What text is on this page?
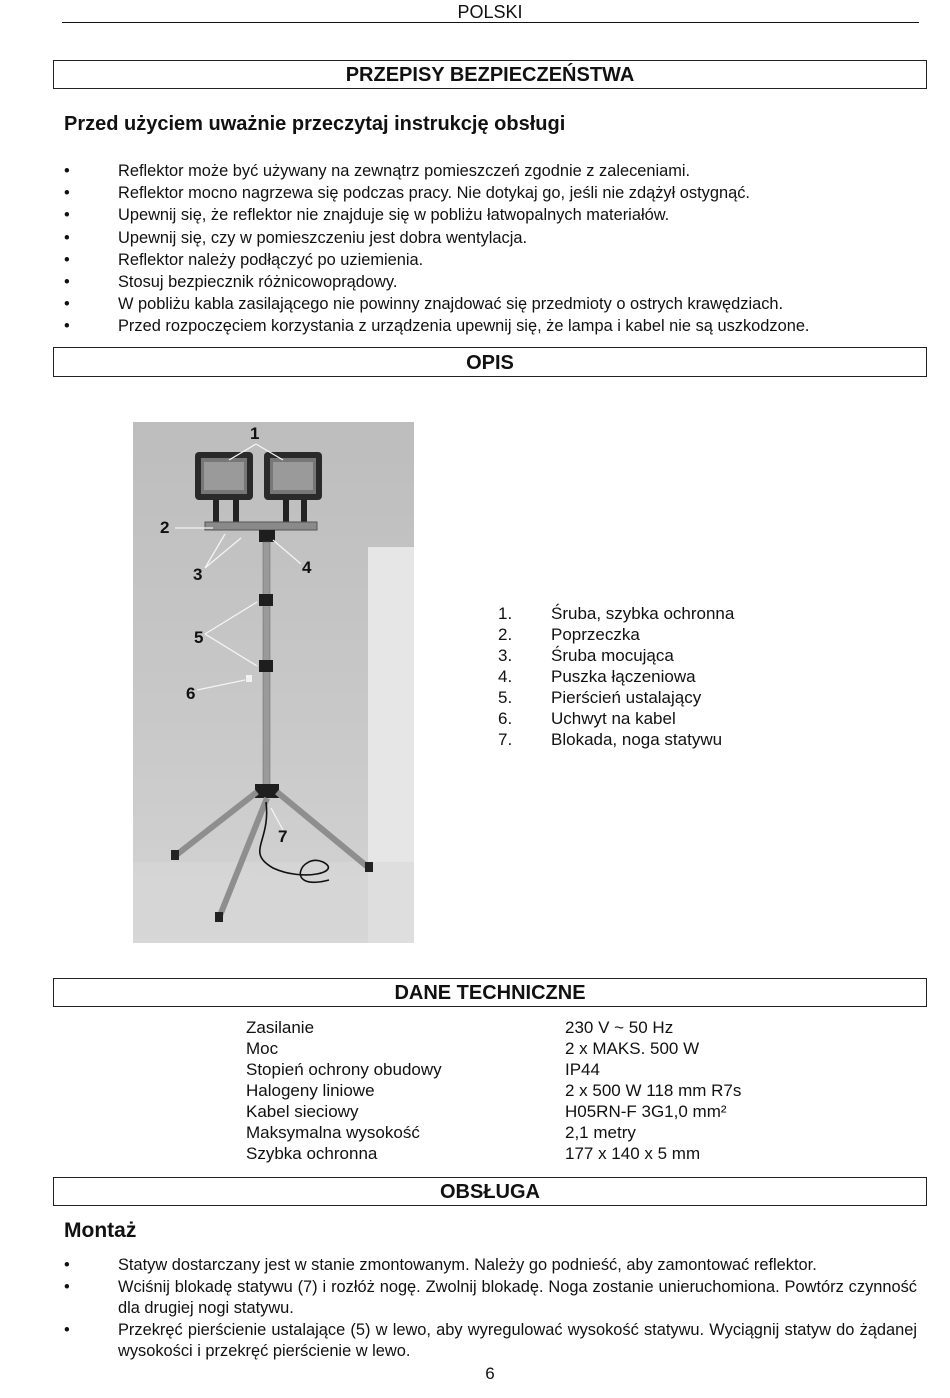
POLSKI
PRZEPISY BEZPIECZEŃSTWA
Przed użyciem uważnie przeczytaj instrukcję obsługi
• Reflektor może być używany na zewnątrz pomieszczeń zgodnie z zaleceniami.
• Reflektor mocno nagrzewa się podczas pracy. Nie dotykaj go, jeśli nie zdążył ostygnąć.
• Upewnij się, że reflektor nie znajduje się w pobliżu łatwopalnych materiałów.
• Upewnij się, czy w pomieszczeniu jest dobra wentylacja.
• Reflektor należy podłączyć po uziemienia.
• Stosuj bezpiecznik różnicowoprądowy.
• W pobliżu kabla zasilającego nie powinny znajdować się przedmioty o ostrych krawędziach.
• Przed rozpoczęciem korzystania z urządzenia upewnij się, że lampa i kabel nie są uszkodzone.
OPIS
1
2
3	4
5
6
7
1.	Śruba, szybka ochronna
2.	Poprzeczka
3.	Śruba mocująca
4.	Puszka łączeniowa
5.	Pierścień ustalający
6.	Uchwyt na kabel
7.	Blokada, noga statywu
DANE TECHNICZNE
Zasilanie	230 V ~ 50 Hz
Moc	2 x MAKS. 500 W
Stopień ochrony obudowy	IP44
Halogeny liniowe	2 x 500 W 118 mm R7s
Kabel sieciowy	H05RN-F 3G1,0 mm²
Maksymalna wysokość	2,1 metry
Szybka ochronna	177 x 140 x 5 mm
OBSŁUGA
Montaż
• Statyw dostarczany jest w stanie zmontowanym. Należy go podnieść, aby zamontować reflektor.
• Wciśnij blokadę statywu (7) i rozłóż nogę. Zwolnij blokadę. Noga zostanie unieruchomiona. Powtórz czynność dla drugiej nogi statywu.
• Przekręć pierścienie ustalające (5) w lewo, aby wyregulować wysokość statywu. Wyciągnij statyw do żądanej wysokości i przekręć pierścienie w lewo.
6
